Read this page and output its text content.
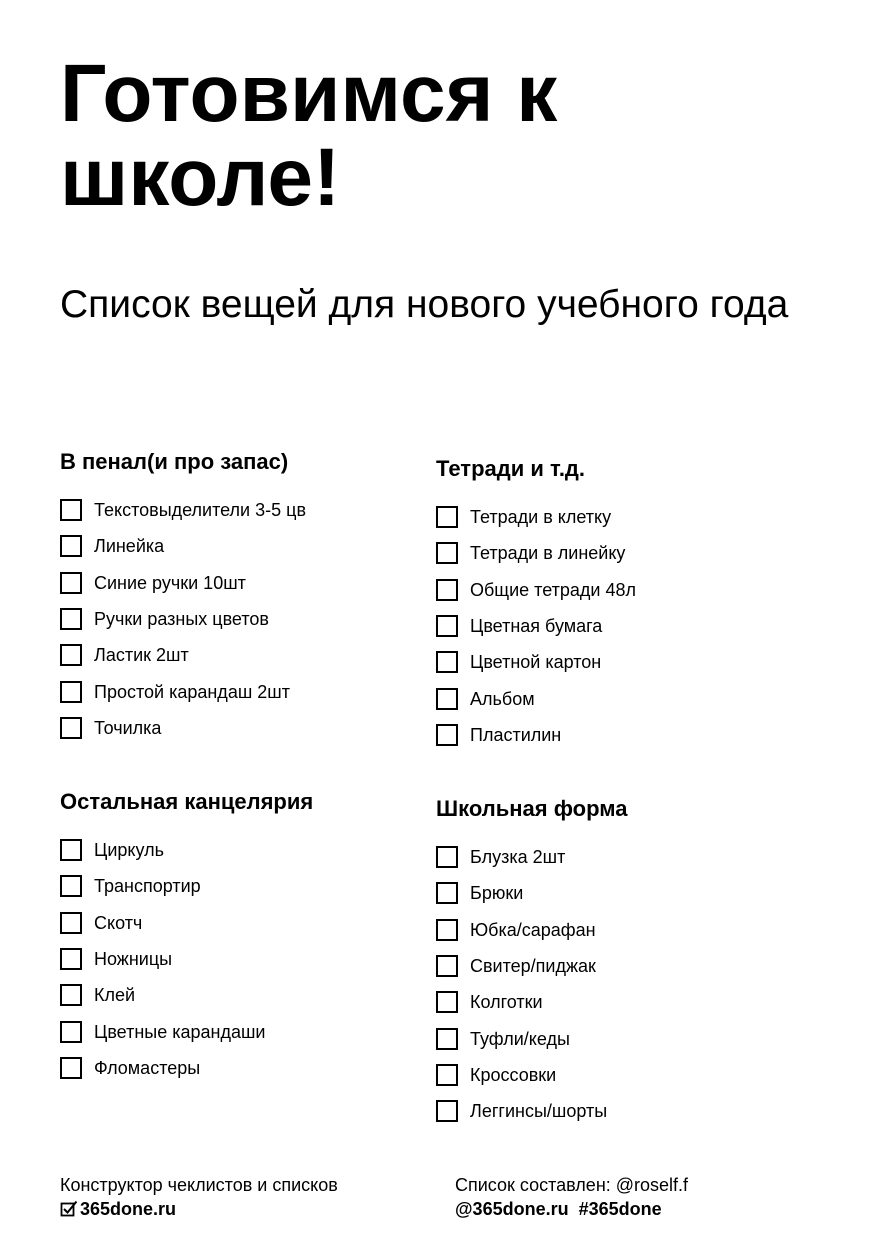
Готовимся к школе!
Список вещей для нового учебного года
В пенал(и про запас)
Текстовыделители 3-5 цв
Линейка
Синие ручки 10шт
Ручки разных цветов
Ластик 2шт
Простой карандаш 2шт
Точилка
Тетради и т.д.
Тетради в клетку
Тетради в линейку
Общие тетради 48л
Цветная бумага
Цветной картон
Альбом
Пластилин
Остальная канцелярия
Циркуль
Транспортир
Скотч
Ножницы
Клей
Цветные карандаши
Фломастеры
Школьная форма
Блузка 2шт
Брюки
Юбка/сарафан
Свитер/пиджак
Колготки
Туфли/кеды
Кроссовки
Леггинсы/шорты
Конструктор чеклистов и списков
365done.ru
Список составлен: @roself.f
@365done.ru #365done
